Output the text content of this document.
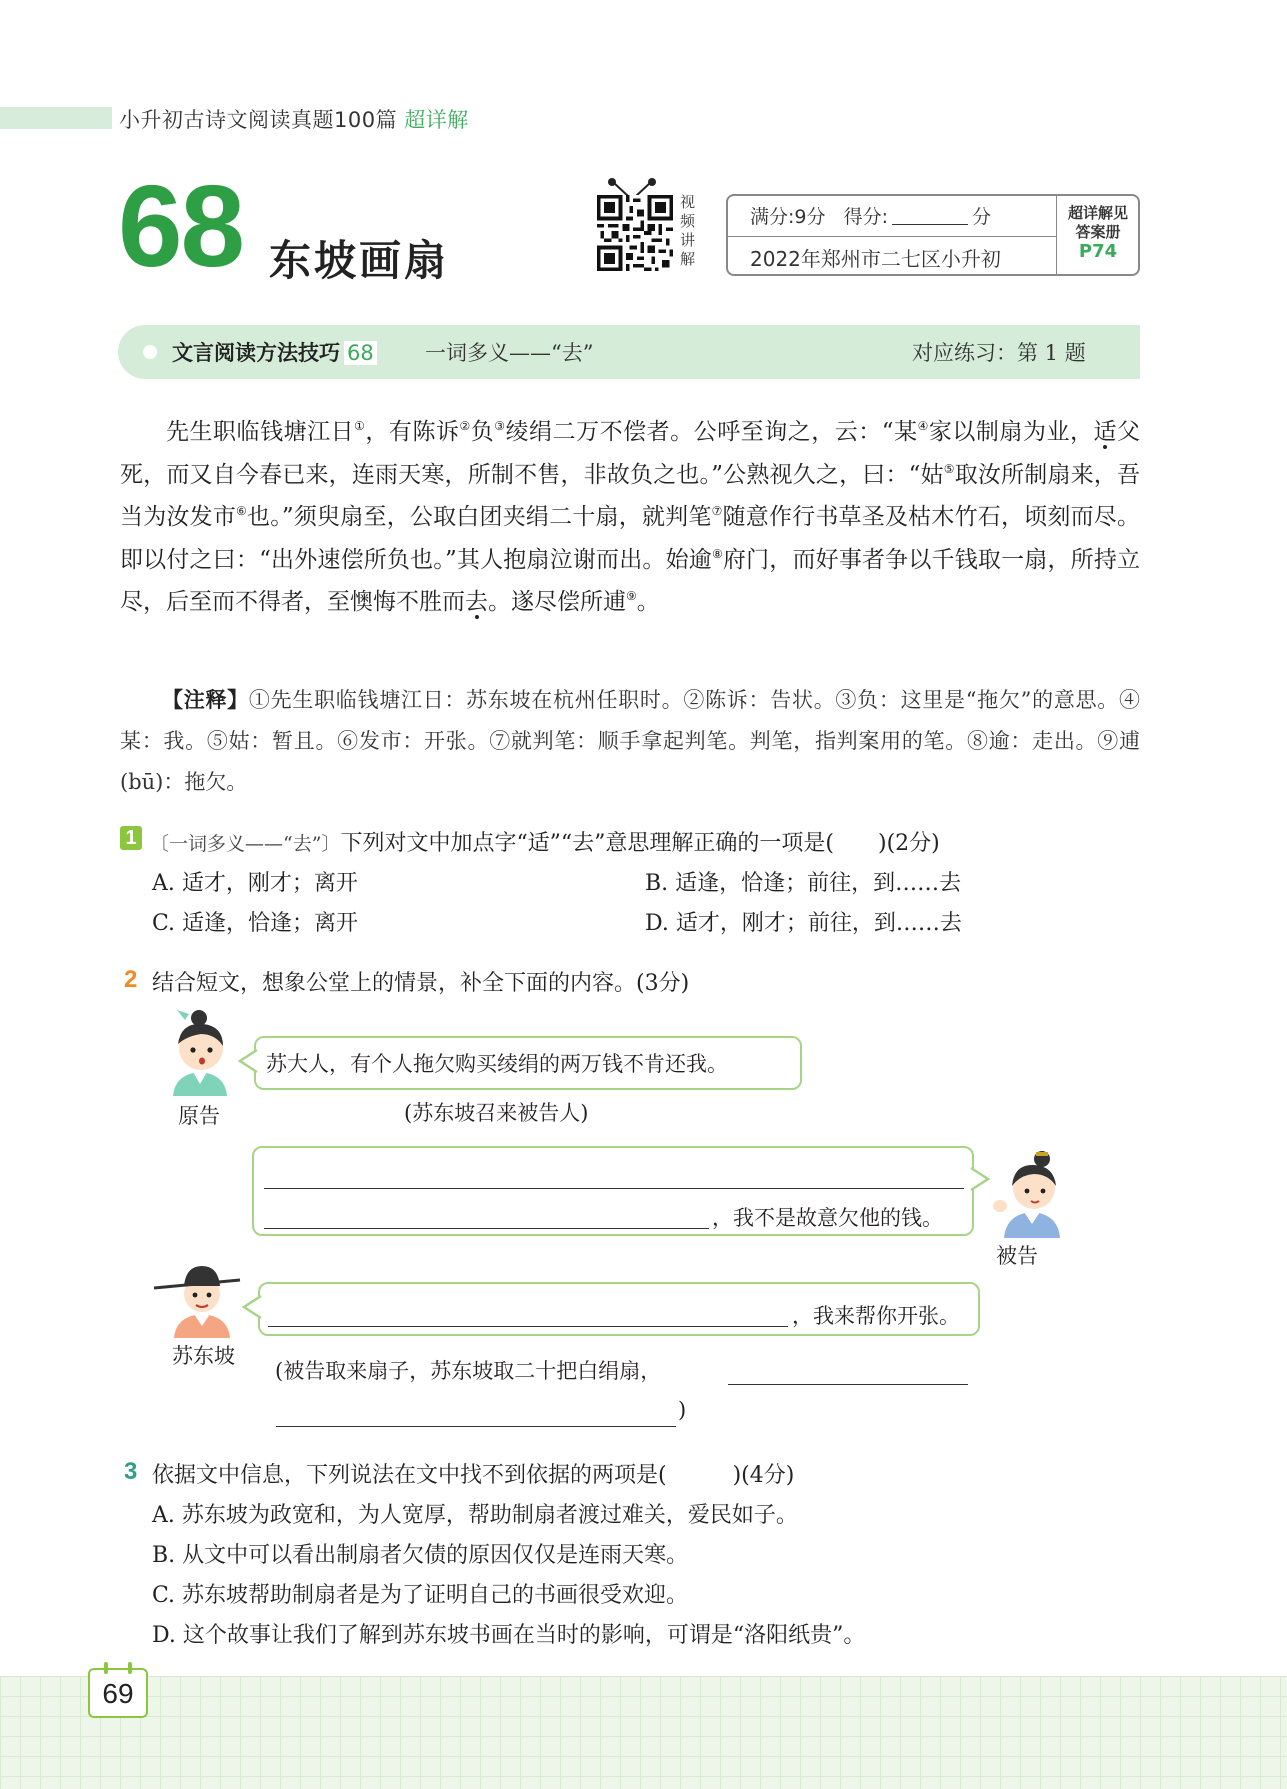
小升初古诗文阅读真题100篇 超详解
68 东坡画扇
视频讲解
满分:9分 得分:	分
2022年郑州市二七区小升初
超详解见
答案册
P74
文言阅读方法技巧 68 一词多义——“去”	对应练习：第 1 题

先生职临钱塘江日①，有陈诉②负③绫绢二万不偿者。公呼至询之，云：“某④家以制扇为业，适父死，而又自今春已来，连雨天寒，所制不售，非故负之也。”公熟视久之，曰：“姑⑤取汝所制扇来，吾当为汝发市⑥也。”须臾扇至，公取白团夹绢二十扇，就判笔⑦随意作行书草圣及枯木竹石，顷刻而尽。即以付之曰：“出外速偿所负也。”其人抱扇泣谢而出。始逾⑧府门，而好事者争以千钱取一扇，所持立尽，后至而不得者，至懊悔不胜而去。遂尽偿所逋⑨。

【注释】①先生职临钱塘江日：苏东坡在杭州任职时。②陈诉：告状。③负：这里是“拖欠”的意思。④某：我。⑤姑：暂且。⑥发市：开张。⑦就判笔：顺手拿起判笔。判笔，指判案用的笔。⑧逾：走出。⑨逋(bū)：拖欠。

1 〔一词多义——“去”〕下列对文中加点字“适”“去”意思理解正确的一项是(　　)(2分)
A. 适才，刚才；离开	B. 适逢，恰逢；前往，到……去
C. 适逢，恰逢；离开	D. 适才，刚才；前往，到……去
2 结合短文，想象公堂上的情景，补全下面的内容。(3分)
原告
苏大人，有个人拖欠购买绫绢的两万钱不肯还我。
(苏东坡召来被告人)
，我不是故意欠他的钱。
被告
苏东坡
，我来帮你开张。
(被告取来扇子，苏东坡取二十把白绢扇，
)
3 依据文中信息，下列说法在文中找不到依据的两项是(　　　)(4分)
A. 苏东坡为政宽和，为人宽厚，帮助制扇者渡过难关，爱民如子。
B. 从文中可以看出制扇者欠债的原因仅仅是连雨天寒。
C. 苏东坡帮助制扇者是为了证明自己的书画很受欢迎。
D. 这个故事让我们了解到苏东坡书画在当时的影响，可谓是“洛阳纸贵”。
69
